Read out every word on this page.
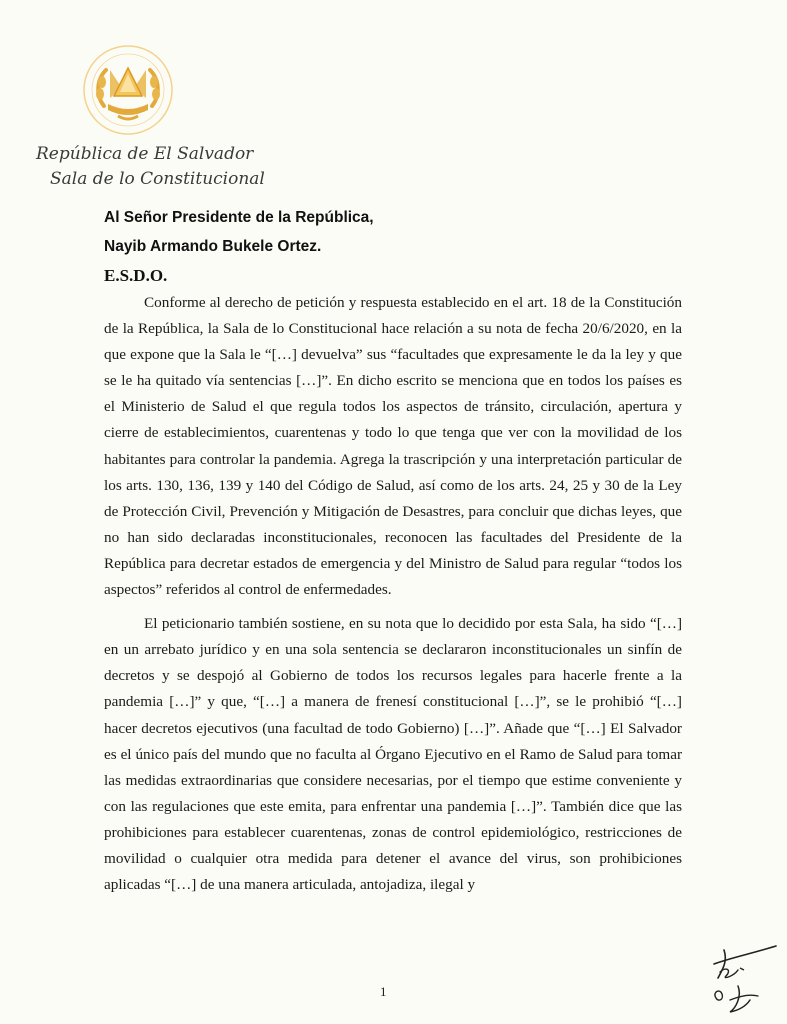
República de El Salvador
Sala de lo Constitucional
Al Señor Presidente de la República,
Nayib Armando Bukele Ortez.
E.S.D.O.

Conforme al derecho de petición y respuesta establecido en el art. 18 de la Constitución de la República, la Sala de lo Constitucional hace relación a su nota de fecha 20/6/2020, en la que expone que la Sala le “[…] devuelva” sus “facultades que expresamente le da la ley y que se le ha quitado vía sentencias […]”. En dicho escrito se menciona que en todos los países es el Ministerio de Salud el que regula todos los aspectos de tránsito, circulación, apertura y cierre de establecimientos, cuarentenas y todo lo que tenga que ver con la movilidad de los habitantes para controlar la pandemia. Agrega la trascripción y una interpretación particular de los arts. 130, 136, 139 y 140 del Código de Salud, así como de los arts. 24, 25 y 30 de la Ley de Protección Civil, Prevención y Mitigación de Desastres, para concluir que dichas leyes, que no han sido declaradas inconstitucionales, reconocen las facultades del Presidente de la República para decretar estados de emergencia y del Ministro de Salud para regular “todos los aspectos” referidos al control de enfermedades.

El peticionario también sostiene, en su nota que lo decidido por esta Sala, ha sido “[…] en un arrebato jurídico y en una sola sentencia se declararon inconstitucionales un sinfín de decretos y se despojó al Gobierno de todos los recursos legales para hacerle frente a la pandemia […]” y que, “[…] a manera de frenesí constitucional […]”, se le prohibió “[…] hacer decretos ejecutivos (una facultad de todo Gobierno) […]”. Añade que “[…] El Salvador es el único país del mundo que no faculta al Órgano Ejecutivo en el Ramo de Salud para tomar las medidas extraordinarias que considere necesarias, por el tiempo que estime conveniente y con las regulaciones que este emita, para enfrentar una pandemia […]”. También dice que las prohibiciones para establecer cuarentenas, zonas de control epidemiológico, restricciones de movilidad o cualquier otra medida para detener el avance del virus, son prohibiciones aplicadas “[…] de una manera articulada, antojadiza, ilegal y

1
